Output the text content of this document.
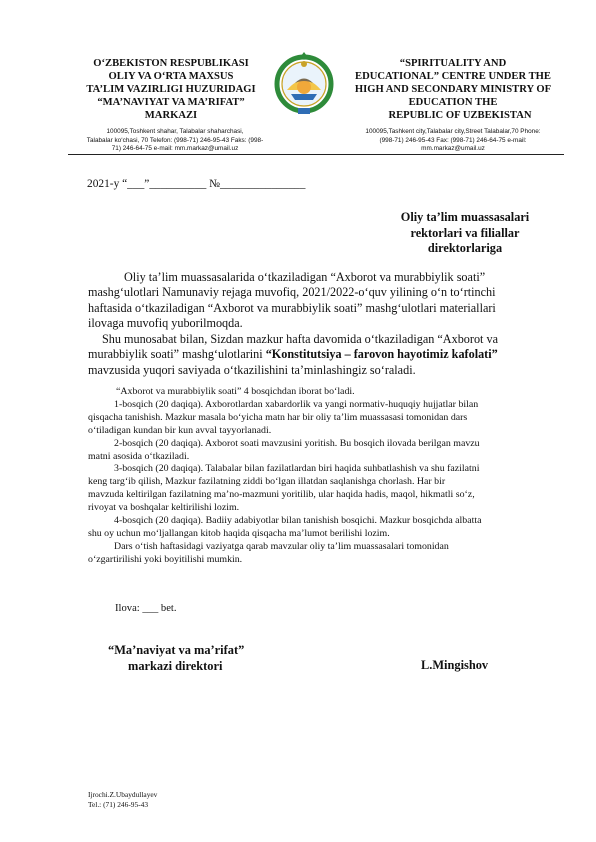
O‘ZBEKISTON RESPUBLIKASI
OLIY VA O‘RTA MAXSUS
TA’LIM VAZIRLIGI HUZURIDAGI
“MA’NAVIYAT VA MA’RIFAT”
MARKAZI
100095,Toshkent shahar, Talabalar shaharchasi,
Talabalar ko‘chasi, 70 Telefon: (998-71) 246-95-43 Faks: (998-
71) 246-64-75 e-mail: mm.markaz@umail.uz
“SPIRITUALITY AND
EDUCATIONAL” CENTRE UNDER THE
HIGH AND SECONDARY MINISTRY OF
EDUCATION THE
REPUBLIC OF UZBEKISTAN
100095,Tashkent city,Talabalar city,Street Talabalar,70 Phone:
(998-71) 246-95-43 Fax: (998-71) 246-64-75 e-mail:
mm.markaz@umail.uz
2021-y “___”__________ №_______________
Oliy ta’lim muassasalari
rektorlari va filiallar
direktorlariga
Oliy ta’lim muassasalarida o‘tkaziladigan “Axborot va murabbiylik soati”
mashg‘ulotlari Namunaviy rejaga muvofiq, 2021/2022-o‘quv yilining o‘n to‘rtinchi
haftasida o‘tkaziladigan “Axborot va murabbiylik soati” mashg‘ulotlari materiallari
ilovaga muvofiq yuborilmoqda.
Shu munosabat bilan, Sizdan mazkur hafta davomida o‘tkaziladigan “Axborot va
murabbiylik soati” mashg‘ulotlarini “Konstitutsiya – farovon hayotimiz kafolati”
mavzusida yuqori saviyada o‘tkazilishini ta’minlashingiz so‘raladi.
“Axborot va murabbiylik soati” 4 bosqichdan iborat bo‘ladi.
1-bosqich (20 daqiqa). Axborotlardan xabardorlik va yangi normativ-huquqiy hujjatlar bilan
qisqacha tanishish. Mazkur masala bo‘yicha matn har bir oliy ta’lim muassasasi tomonidan dars
o‘tiladigan kundan bir kun avval tayyorlanadi.
2-bosqich (20 daqiqa). Axborot soati mavzusini yoritish. Bu bosqich ilovada berilgan mavzu
matni asosida o‘tkaziladi.
3-bosqich (20 daqiqa). Talabalar bilan fazilatlardan biri haqida suhbatlashish va shu fazilatni
keng targ‘ib qilish, Mazkur fazilatning ziddi bo‘lgan illatdan saqlanishga chorlash. Har bir
mavzuda keltirilgan fazilatning ma’no-mazmuni yoritilib, ular haqida hadis, maqol, hikmatli so‘z,
rivoyat va boshqalar keltirilishi lozim.
4-bosqich (20 daqiqa). Badiiy adabiyotlar bilan tanishish bosqichi. Mazkur bosqichda albatta
shu oy uchun mo‘ljallangan kitob haqida qisqacha ma’lumot berilishi lozim.
Dars o‘tish haftasidagi vaziyatga qarab mavzular oliy ta’lim muassasalari tomonidan
o‘zgartirilishi yoki boyitilishi mumkin.
Ilova: ___ bet.
“Ma’naviyat va ma’rifat”
markazi direktori	L.Mingishov
Ijrochi.Z.Ubaydullayev
Tel.: (71) 246-95-43
